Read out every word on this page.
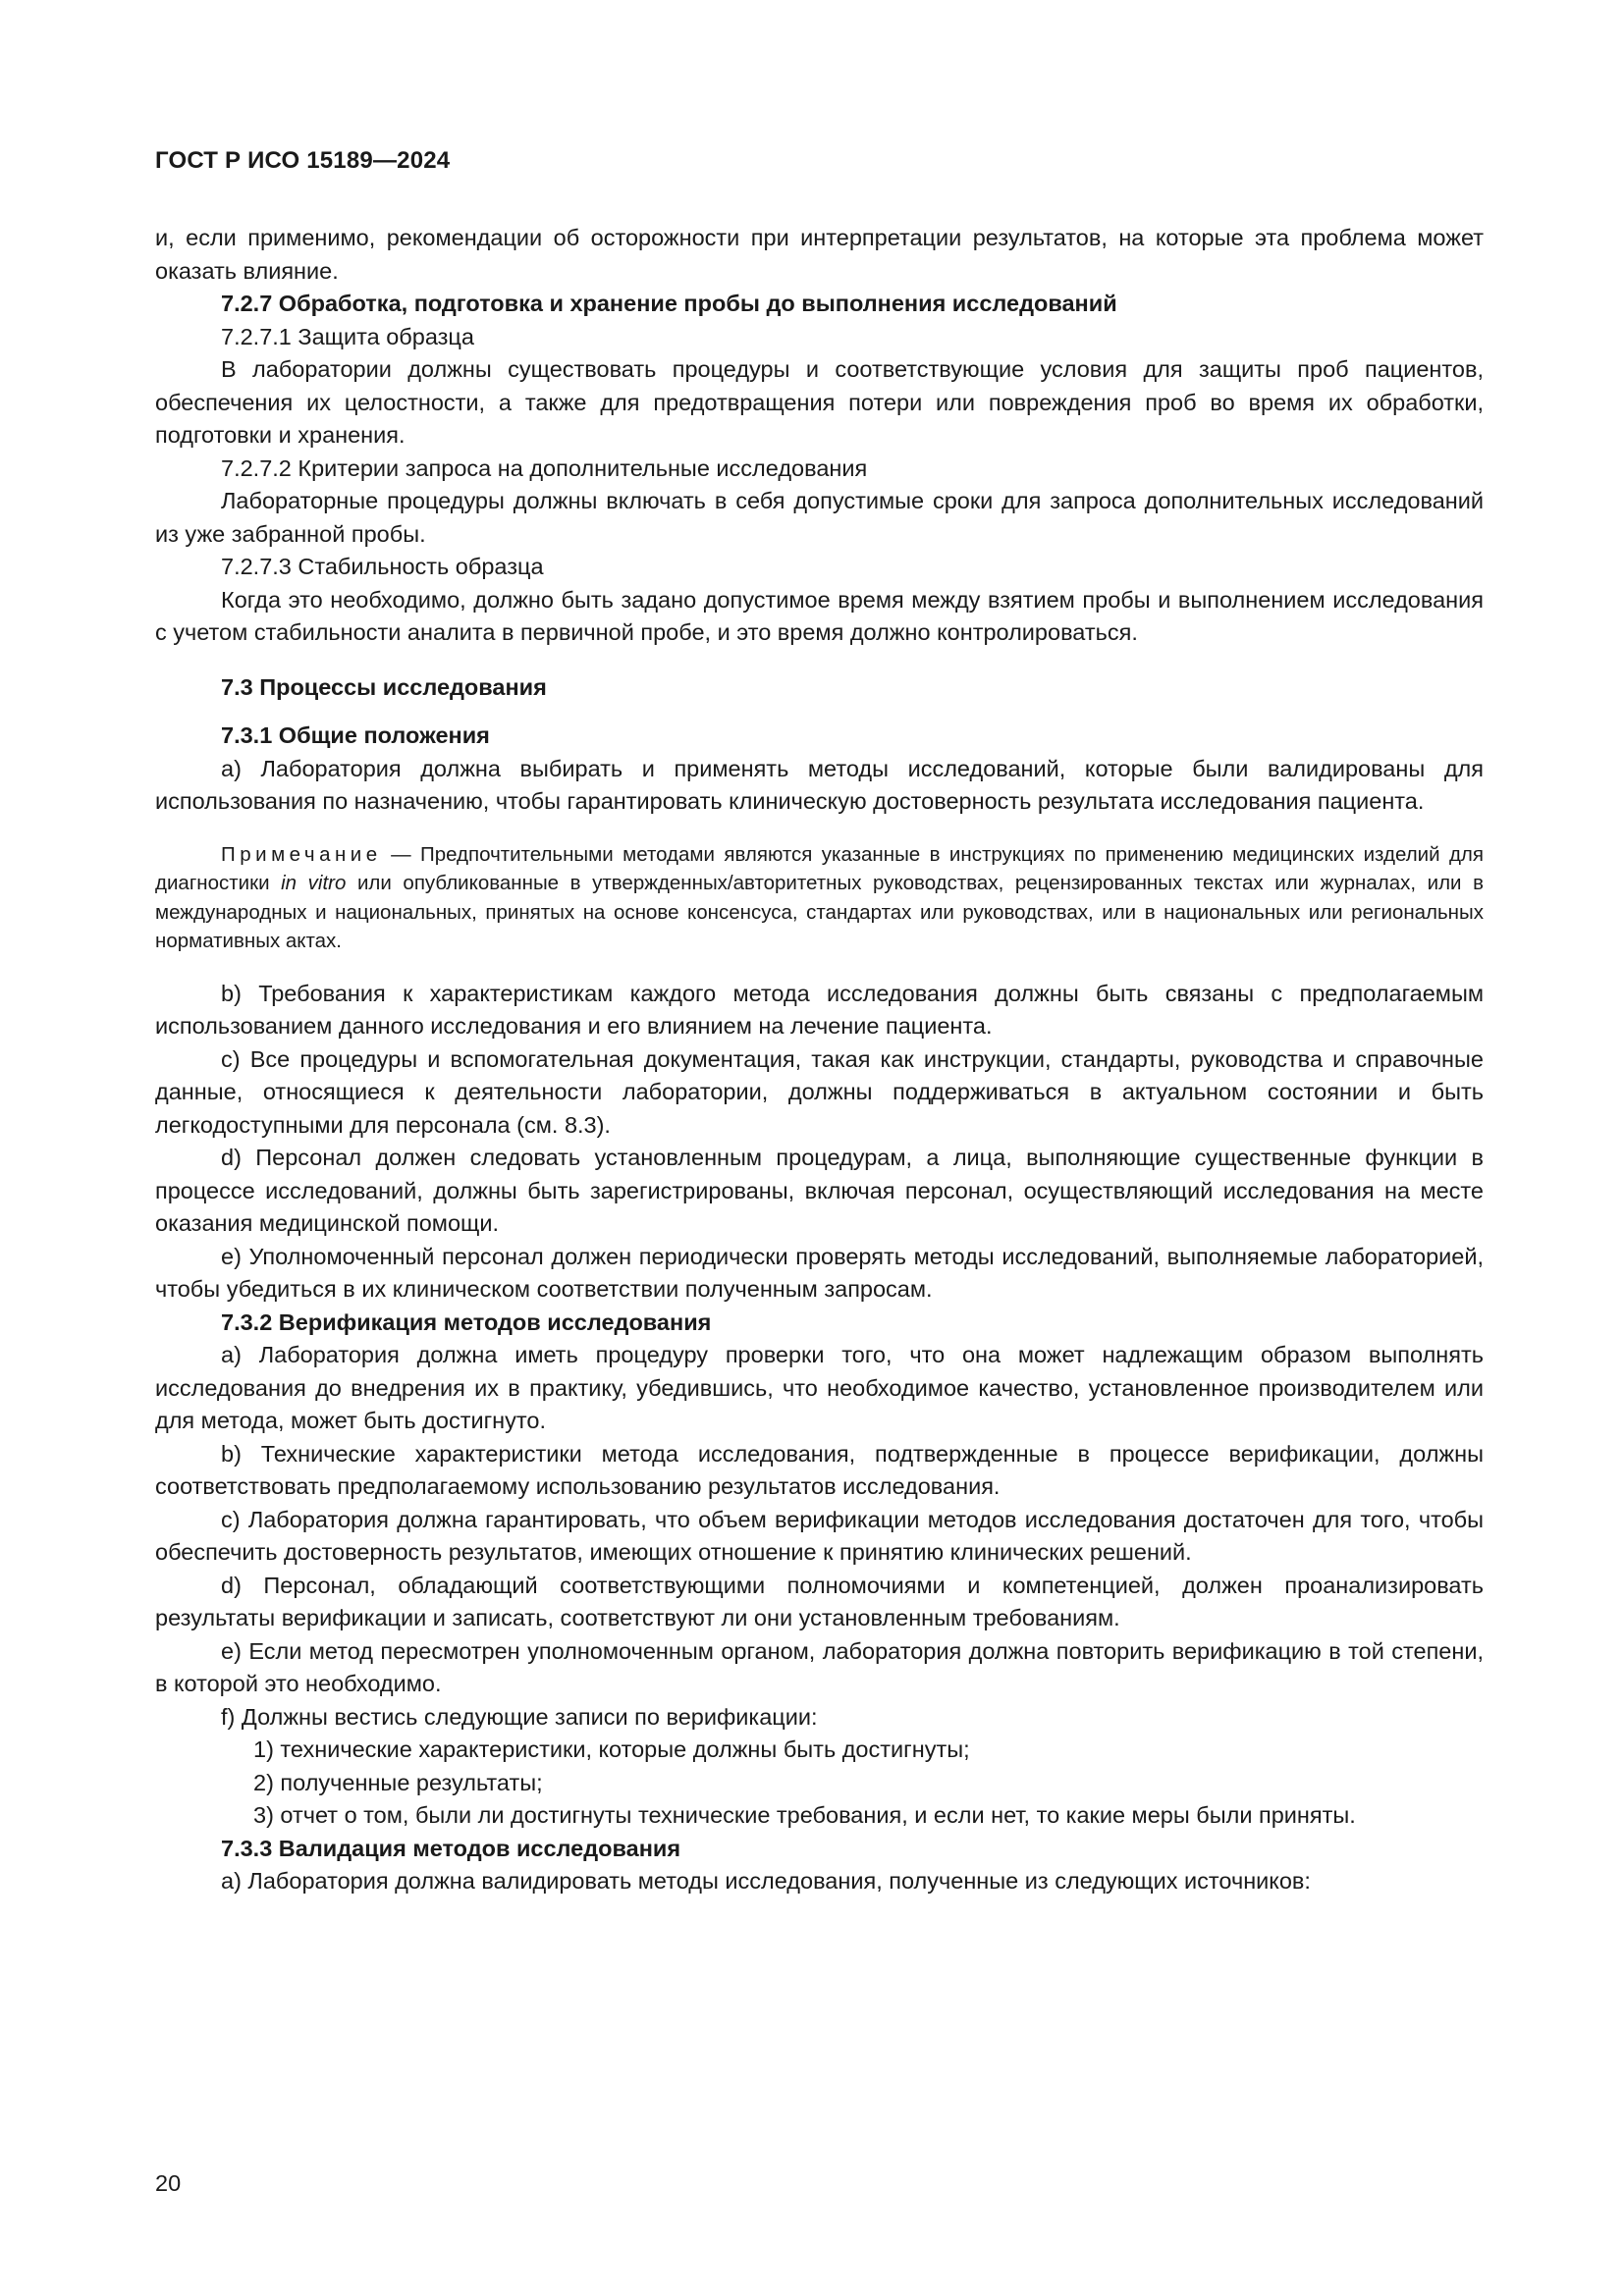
ГОСТ Р ИСО 15189—2024

и, если применимо, рекомендации об осторожности при интерпретации результатов, на которые эта проблема может оказать влияние.

7.2.7 Обработка, подготовка и хранение пробы до выполнения исследований

7.2.7.1 Защита образца

В лаборатории должны существовать процедуры и соответствующие условия для защиты проб пациентов, обеспечения их целостности, а также для предотвращения потери или повреждения проб во время их обработки, подготовки и хранения.

7.2.7.2 Критерии запроса на дополнительные исследования

Лабораторные процедуры должны включать в себя допустимые сроки для запроса дополнительных исследований из уже забранной пробы.

7.2.7.3 Стабильность образца

Когда это необходимо, должно быть задано допустимое время между взятием пробы и выполнением исследования с учетом стабильности аналита в первичной пробе, и это время должно контролироваться.

7.3 Процессы исследования

7.3.1 Общие положения

а) Лаборатория должна выбирать и применять методы исследований, которые были валидированы для использования по назначению, чтобы гарантировать клиническую достоверность результата исследования пациента.

Примечание — Предпочтительными методами являются указанные в инструкциях по применению медицинских изделий для диагностики in vitro или опубликованные в утвержденных/авторитетных руководствах, рецензированных текстах или журналах, или в международных и национальных, принятых на основе консенсуса, стандартах или руководствах, или в национальных или региональных нормативных актах.

b) Требования к характеристикам каждого метода исследования должны быть связаны с предполагаемым использованием данного исследования и его влиянием на лечение пациента.

c) Все процедуры и вспомогательная документация, такая как инструкции, стандарты, руководства и справочные данные, относящиеся к деятельности лаборатории, должны поддерживаться в актуальном состоянии и быть легкодоступными для персонала (см. 8.3).

d) Персонал должен следовать установленным процедурам, а лица, выполняющие существенные функции в процессе исследований, должны быть зарегистрированы, включая персонал, осуществляющий исследования на месте оказания медицинской помощи.

e) Уполномоченный персонал должен периодически проверять методы исследований, выполняемые лабораторией, чтобы убедиться в их клиническом соответствии полученным запросам.

7.3.2 Верификация методов исследования

а) Лаборатория должна иметь процедуру проверки того, что она может надлежащим образом выполнять исследования до внедрения их в практику, убедившись, что необходимое качество, установленное производителем или для метода, может быть достигнуто.

b) Технические характеристики метода исследования, подтвержденные в процессе верификации, должны соответствовать предполагаемому использованию результатов исследования.

c) Лаборатория должна гарантировать, что объем верификации методов исследования достаточен для того, чтобы обеспечить достоверность результатов, имеющих отношение к принятию клинических решений.

d) Персонал, обладающий соответствующими полномочиями и компетенцией, должен проанализировать результаты верификации и записать, соответствуют ли они установленным требованиям.

e) Если метод пересмотрен уполномоченным органом, лаборатория должна повторить верификацию в той степени, в которой это необходимо.

f) Должны вестись следующие записи по верификации:

1) технические характеристики, которые должны быть достигнуты;

2) полученные результаты;

3) отчет о том, были ли достигнуты технические требования, и если нет, то какие меры были приняты.

7.3.3 Валидация методов исследования

а) Лаборатория должна валидировать методы исследования, полученные из следующих источников:

20
